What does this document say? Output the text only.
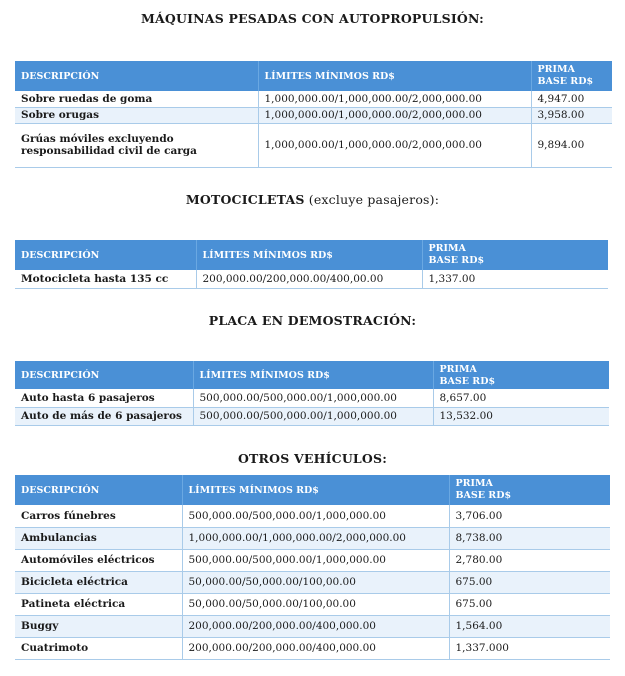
MÁQUINAS PESADAS CON AUTOPROPULSIÓN:
DESCRIPCIÓN	LÍMITES MÍNIMOS RD$	PRIMA
BASE RD$
Sobre ruedas de goma	1,000,000.00/1,000,000.00/2,000,000.00	4,947.00
Sobre orugas	1,000,000.00/1,000,000.00/2,000,000.00	3,958.00
Grúas móviles excluyendo responsabilidad civil de carga	1,000,000.00/1,000,000.00/2,000,000.00	9,894.00
MOTOCICLETAS (excluye pasajeros):
DESCRIPCIÓN	LÍMITES MÍNIMOS RD$	PRIMA
BASE RD$
Motocicleta hasta 135 cc	200,000.00/200,000.00/400,00.00	1,337.00
PLACA EN DEMOSTRACIÓN:
DESCRIPCIÓN	LÍMITES MÍNIMOS RD$	PRIMA
BASE RD$
Auto hasta 6 pasajeros	500,000.00/500,000.00/1,000,000.00	8,657.00
Auto de más de 6 pasajeros	500,000.00/500,000.00/1,000,000.00	13,532.00
OTROS VEHÍCULOS:
DESCRIPCIÓN	LÍMITES MÍNIMOS RD$	PRIMA
BASE RD$
Carros fúnebres	500,000.00/500,000.00/1,000,000.00	3,706.00
Ambulancias	1,000,000.00/1,000,000.00/2,000,000.00	8,738.00
Automóviles eléctricos	500,000.00/500,000.00/1,000,000.00	2,780.00
Bicicleta eléctrica	50,000.00/50,000.00/100,00.00	675.00
Patineta eléctrica	50,000.00/50,000.00/100,00.00	675.00
Buggy	200,000.00/200,000.00/400,000.00	1,564.00
Cuatrimoto	200,000.00/200,000.00/400,000.00	1,337.000
